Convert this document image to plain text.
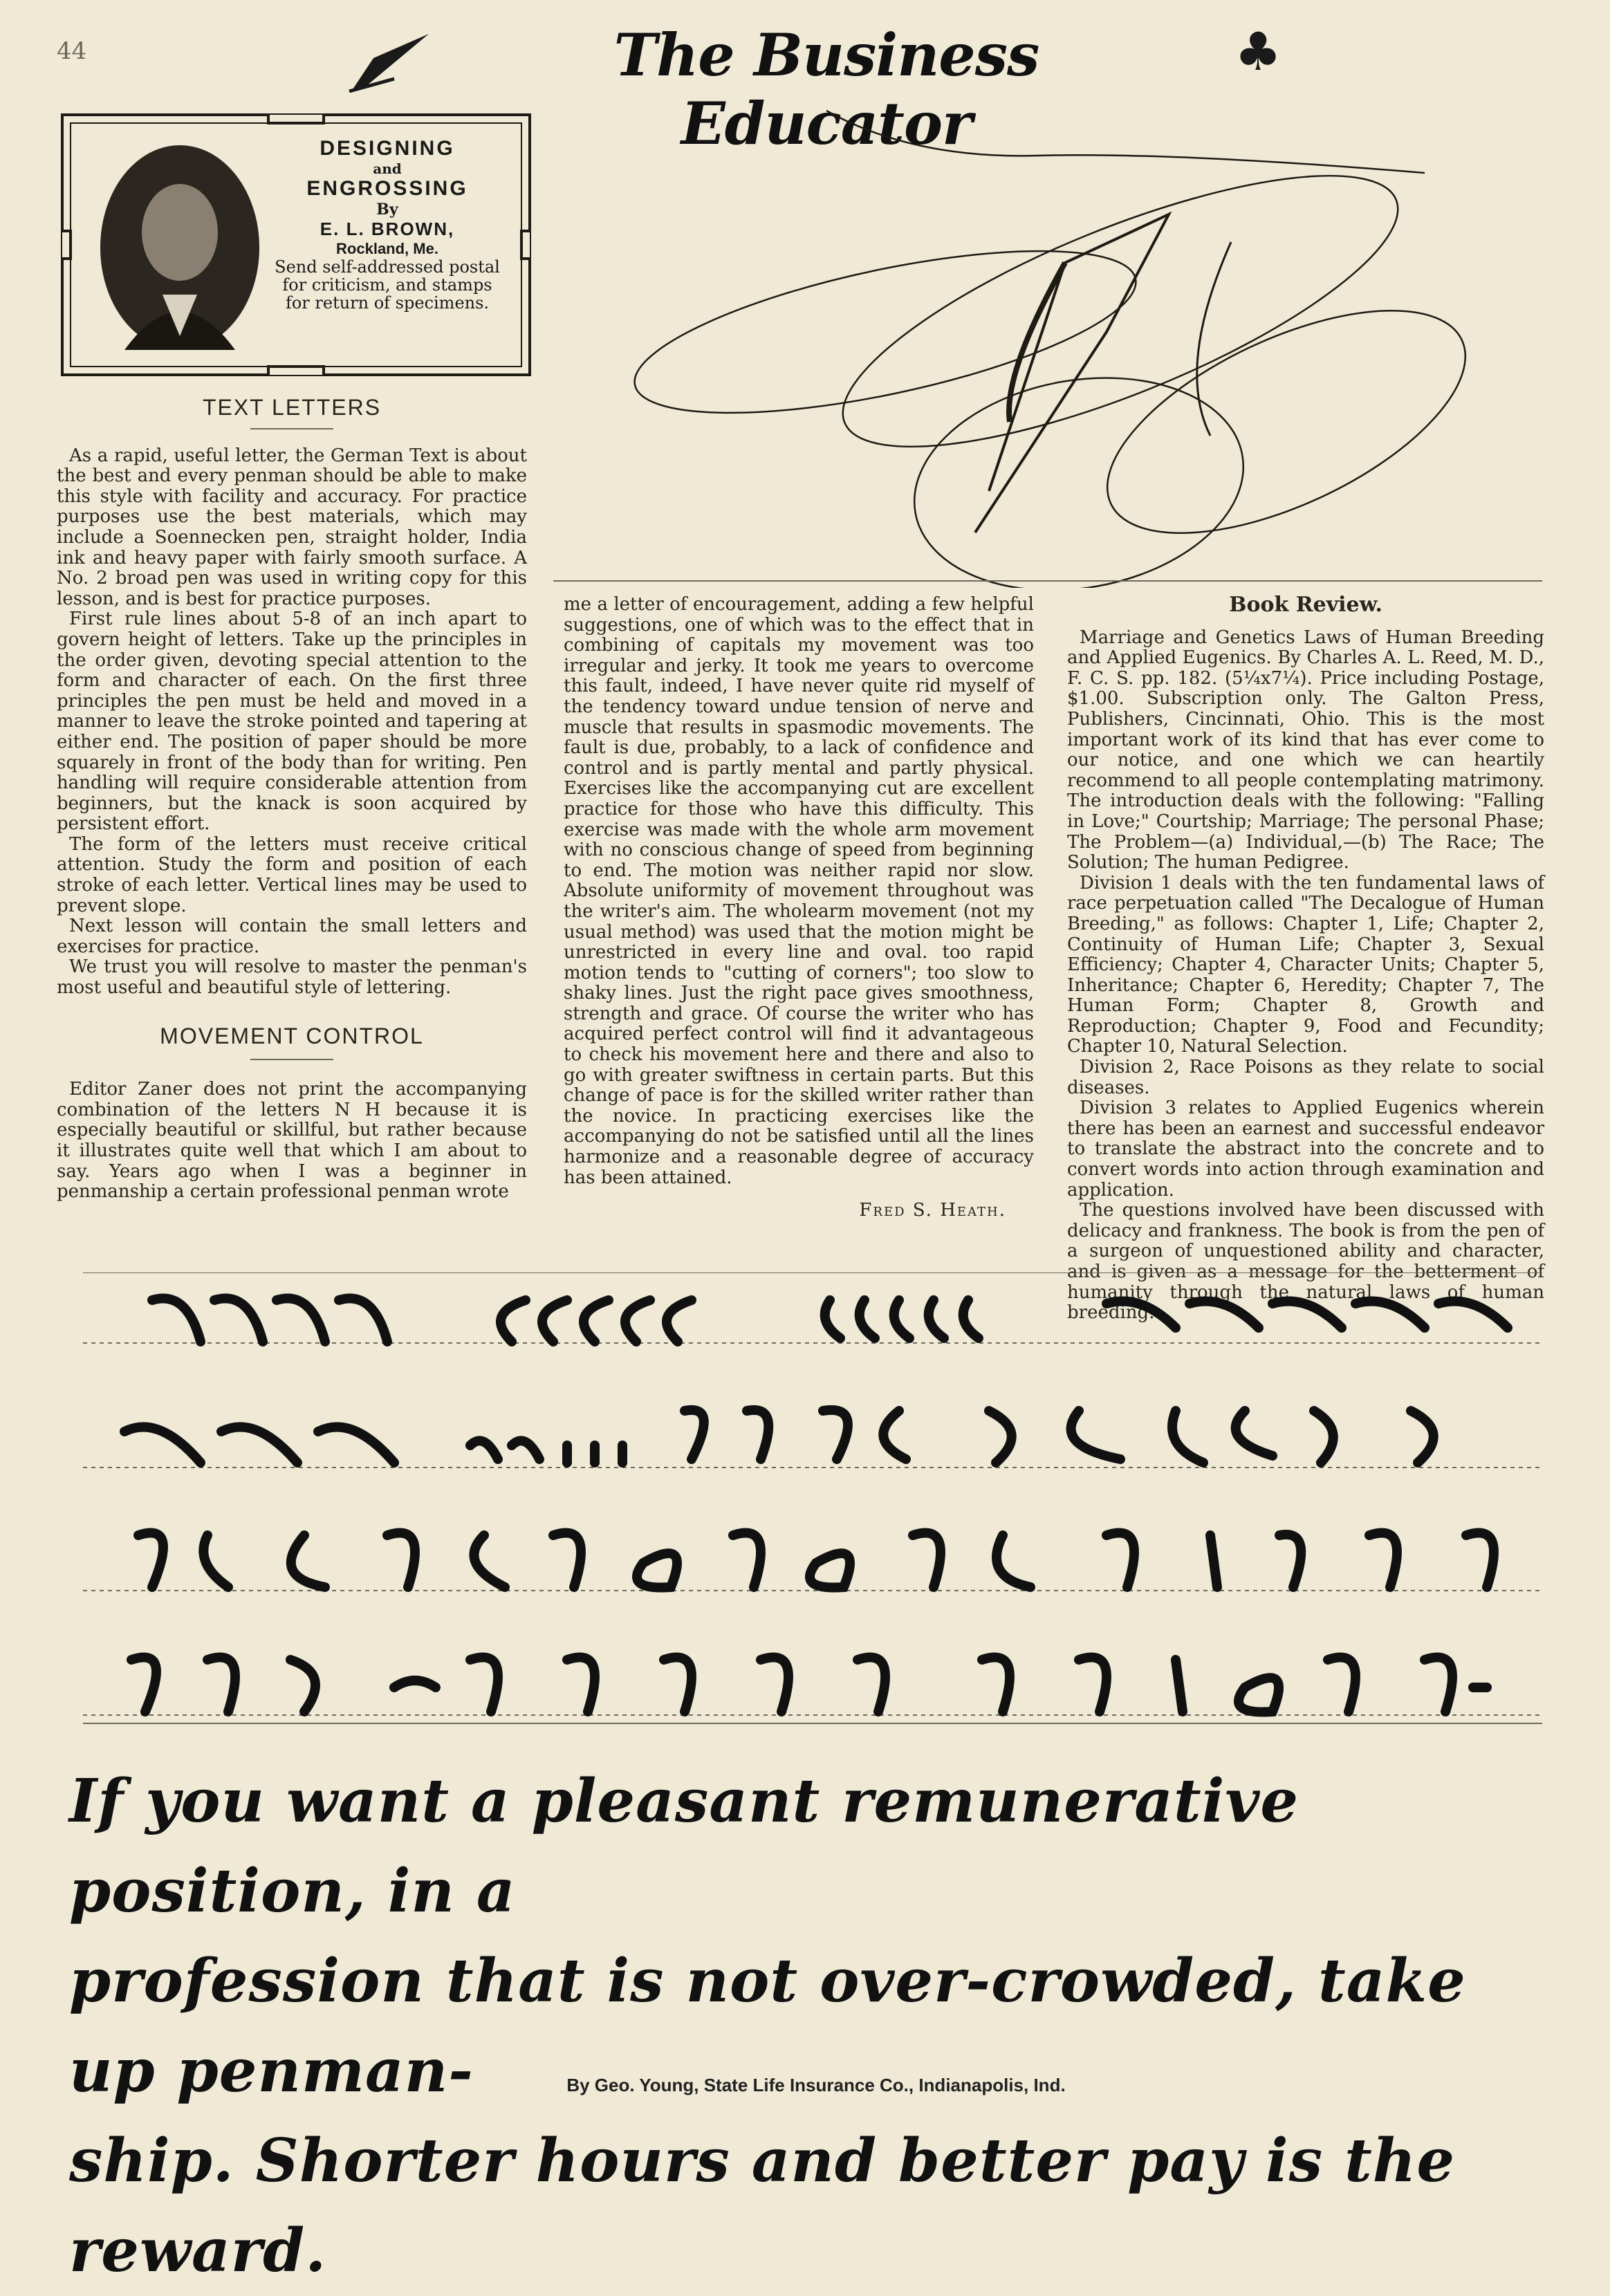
44	The Business Educator
♣
DESIGNING
and
ENGROSSING
By
E. L. BROWN,
Rockland, Me.
Send self-addressed postal for criticism, and stamps for return of specimens.
TEXT LETTERS

As a rapid, useful letter, the German Text is about the best and every penman should be able to make this style with facility and accuracy. For practice purposes use the best materials, which may include a Soennecken pen, straight holder, India ink and heavy paper with fairly smooth surface. A No. 2 broad pen was used in writing copy for this lesson, and is best for practice purposes.

First rule lines about 5-8 of an inch apart to govern height of letters. Take up the principles in the order given, devoting special attention to the form and character of each. On the first three principles the pen must be held and moved in a manner to leave the stroke pointed and tapering at either end. The position of paper should be more squarely in front of the body than for writing. Pen handling will require considerable attention from beginners, but the knack is soon acquired by persistent effort.

The form of the letters must receive critical attention. Study the form and position of each stroke of each letter. Vertical lines may be used to prevent slope.

Next lesson will contain the small letters and exercises for practice.

We trust you will resolve to master the penman's most useful and beautiful style of lettering.

MOVEMENT CONTROL

Editor Zaner does not print the accompanying combination of the letters N H because it is especially beautiful or skillful, but rather because it illustrates quite well that which I am about to say. Years ago when I was a beginner in penmanship a certain professional penman wrote

me a letter of encouragement, adding a few helpful suggestions, one of which was to the effect that in combining of capitals my movement was too irregular and jerky. It took me years to overcome this fault, indeed, I have never quite rid myself of the tendency toward undue tension of nerve and muscle that results in spasmodic movements. The fault is due, probably, to a lack of confidence and control and is partly mental and partly physical. Exercises like the accompanying cut are excellent practice for those who have this difficulty. This exercise was made with the whole arm movement with no conscious change of speed from beginning to end. The motion was neither rapid nor slow. Absolute uniformity of movement throughout was the writer's aim. The wholearm movement (not my usual method) was used that the motion might be unrestricted in every line and oval. too rapid motion tends to "cutting of corners"; too slow to shaky lines. Just the right pace gives smoothness, strength and grace. Of course the writer who has acquired perfect control will find it advantageous to check his movement here and there and also to go with greater swiftness in certain parts. But this change of pace is for the skilled writer rather than the novice. In practicing exercises like the accompanying do not be satisfied until all the lines harmonize and a reasonable degree of accuracy has been attained.

Fred S. Heath.
Book Review.

Marriage and Genetics Laws of Human Breeding and Applied Eugenics. By Charles A. L. Reed, M. D., F. C. S. pp. 182. (5¼x7¼). Price including Postage, $1.00. Subscription only. The Galton Press, Publishers, Cincinnati, Ohio. This is the most important work of its kind that has ever come to our notice, and one which we can heartily recommend to all people contemplating matrimony. The introduction deals with the following: "Falling in Love;" Courtship; Marriage; The personal Phase; The Problem—(a) Individual,—(b) The Race; The Solution; The human Pedigree.

Division 1 deals with the ten fundamental laws of race perpetuation called "The Decalogue of Human Breeding," as follows: Chapter 1, Life; Chapter 2, Continuity of Human Life; Chapter 3, Sexual Efficiency; Chapter 4, Character Units; Chapter 5, Inheritance; Chapter 6, Heredity; Chapter 7, The Human Form; Chapter 8, Growth and Reproduction; Chapter 9, Food and Fecundity; Chapter 10, Natural Selection.

Division 2, Race Poisons as they relate to social diseases.

Division 3 relates to Applied Eugenics wherein there has been an earnest and successful endeavor to translate the abstract into the concrete and to convert words into action through examination and application.

The questions involved have been discussed with delicacy and frankness. The book is from the pen of a surgeon of unquestioned ability and character, and is given as a message for the betterment of humanity through the natural laws of human breeding.

If you want a pleasant remunerative position, in a
profession that is not over-crowded, take up penman-
ship. Shorter hours and better pay is the reward.
By Geo. Young, State Life Insurance Co., Indianapolis, Ind.
